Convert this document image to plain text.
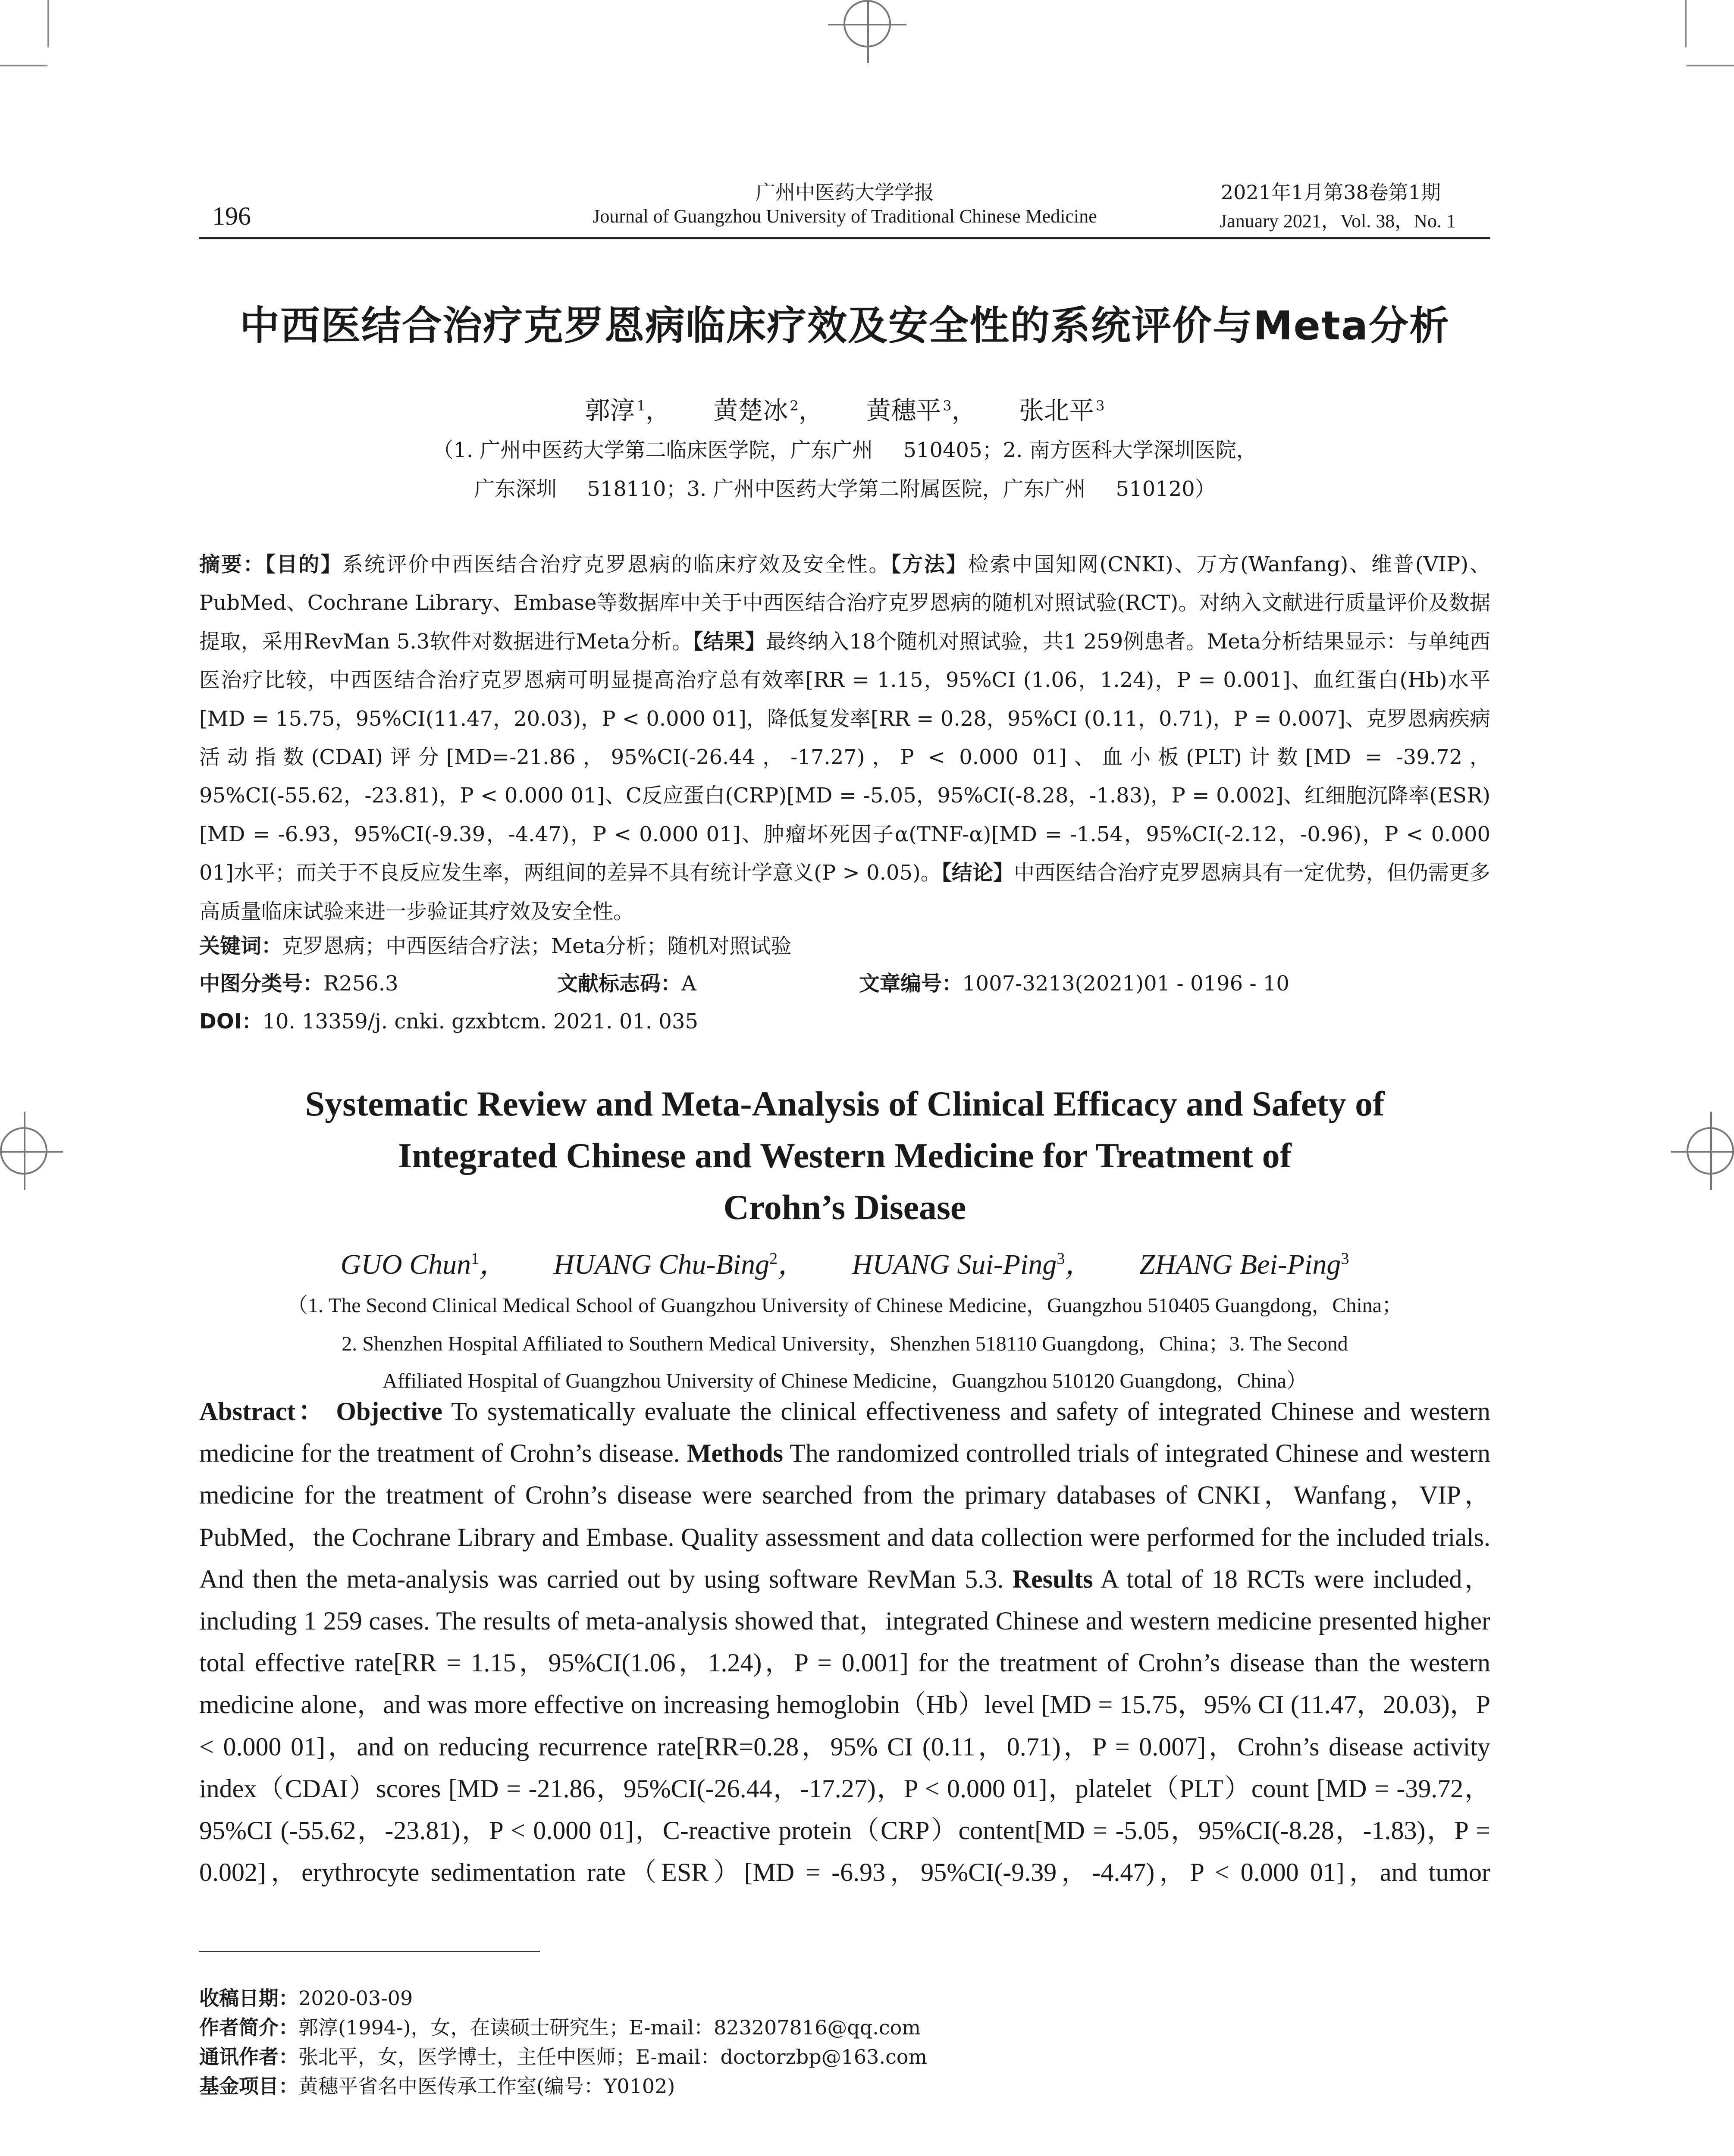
196
广州中医药大学学报
Journal of Guangzhou University of Traditional Chinese Medicine
2021年1月第38卷第1期
January 2021，Vol. 38，No. 1
中西医结合治疗克罗恩病临床疗效及安全性的系统评价与Meta分析
郭淳 $^1$， 黄楚冰 $^2$， 黄穗平 $^3$， 张北平 $^3$
（1. 广州中医药大学第二临床医学院，广东广州 510405；2. 南方医科大学深圳医院，
广东深圳 518110；3. 广州中医药大学第二附属医院，广东广州 510120）
摘要：【目的】系统评价中西医结合治疗克罗恩病的临床疗效及安全性。【方法】检索中国知网(CNKI)、万方(Wanfang)、维普(VIP)、PubMed、Cochrane Library、Embase等数据库中关于中西医结合治疗克罗恩病的随机对照试验(RCT)。对纳入文献进行质量评价及数据提取，采用RevMan 5.3软件对数据进行Meta分析。【结果】最终纳入18个随机对照试验，共1 259例患者。Meta分析结果显示：与单纯西医治疗比较，中西医结合治疗克罗恩病可明显提高治疗总有效率[RR = 1.15，95%CI (1.06，1.24)，P = 0.001]、血红蛋白(Hb)水平[MD = 15.75，95%CI(11.47，20.03)，P < 0.000 01]，降低复发率[RR = 0.28，95%CI (0.11，0.71)，P = 0.007]、克罗恩病疾病活动指数(CDAI)评分[MD=-21.86，95%CI(-26.44，-17.27)，P < 0.000 01]、血小板(PLT)计数[MD = -39.72，95%CI(-55.62，-23.81)，P < 0.000 01]、C反应蛋白(CRP)[MD = -5.05，95%CI(-8.28，-1.83)，P = 0.002]、红细胞沉降率(ESR)[MD = -6.93，95%CI(-9.39，-4.47)，P < 0.000 01]、肿瘤坏死因子α(TNF-α)[MD = -1.54，95%CI(-2.12，-0.96)，P < 0.000 01]水平；而关于不良反应发生率，两组间的差异不具有统计学意义(P > 0.05)。【结论】中西医结合治疗克罗恩病具有一定优势，但仍需更多高质量临床试验来进一步验证其疗效及安全性。
关键词：克罗恩病；中西医结合疗法；Meta分析；随机对照试验
中图分类号：R256.3	文献标志码：A	文章编号：1007-3213(2021)01 - 0196 - 10
DOI：10. 13359/j. cnki. gzxbtcm. 2021. 01. 035
Systematic Review and Meta-Analysis of Clinical Efficacy and Safety of
Integrated Chinese and Western Medicine for Treatment of
Crohn’s Disease
GUO Chun$^1$， HUANG Chu-Bing$^2$， HUANG Sui-Ping$^3$， ZHANG Bei-Ping$^3$
（1. The Second Clinical Medical School of Guangzhou University of Chinese Medicine，Guangzhou 510405 Guangdong，China；
2. Shenzhen Hospital Affiliated to Southern Medical University，Shenzhen 518110 Guangdong，China；3. The Second
Affiliated Hospital of Guangzhou University of Chinese Medicine，Guangzhou 510120 Guangdong，China）
Abstract： Objective To systematically evaluate the clinical effectiveness and safety of integrated Chinese and western medicine for the treatment of Crohn’s disease. Methods The randomized controlled trials of integrated Chinese and western medicine for the treatment of Crohn’s disease were searched from the primary databases of CNKI，Wanfang，VIP，PubMed，the Cochrane Library and Embase. Quality assessment and data collection were performed for the included trials. And then the meta-analysis was carried out by using software RevMan 5.3. Results A total of 18 RCTs were included，including 1 259 cases. The results of meta-analysis showed that，integrated Chinese and western medicine presented higher total effective rate[RR = 1.15，95%CI(1.06，1.24)，P = 0.001] for the treatment of Crohn’s disease than the western medicine alone，and was more effective on increasing hemoglobin（Hb）level [MD = 15.75，95% CI (11.47，20.03)，P < 0.000 01]，and on reducing recurrence rate[RR=0.28，95% CI (0.11，0.71)，P = 0.007]，Crohn’s disease activity index（CDAI）scores [MD = -21.86，95%CI(-26.44，-17.27)，P < 0.000 01]，platelet（PLT）count [MD = -39.72，95%CI (-55.62，-23.81)，P < 0.000 01]，C-reactive protein（CRP）content[MD = -5.05，95%CI(-8.28，-1.83)，P = 0.002]，erythrocyte sedimentation rate（ESR）[MD = -6.93，95%CI(-9.39，-4.47)，P < 0.000 01]，and tumor
收稿日期：2020-03-09
作者简介：郭淳(1994-)，女，在读硕士研究生；E-mail：823207816@qq.com
通讯作者：张北平，女，医学博士，主任中医师；E-mail：doctorzbp@163.com
基金项目：黄穗平省名中医传承工作室(编号：Y0102)
